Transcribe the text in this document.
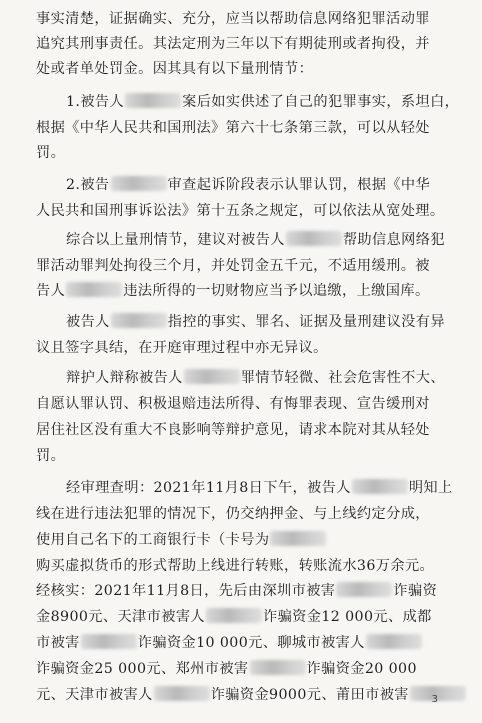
事实清楚，证据确实、充分，应当以帮助信息网络犯罪活动罪
追究其刑事责任。其法定刑为三年以下有期徒刑或者拘役，并
处或者单处罚金。因其具有以下量刑情节：
1.被告人	案后如实供述了自己的犯罪事实，系坦白，
根据《中华人民共和国刑法》第六十七条第三款，可以从轻处
罚。
2.被告	审查起诉阶段表示认罪认罚，根据《中华
人民共和国刑事诉讼法》第十五条之规定，可以依法从宽处理。
综合以上量刑情节，建议对被告人	帮助信息网络犯
罪活动罪判处拘役三个月，并处罚金五千元，不适用缓刑。被
告人	违法所得的一切财物应当予以追缴，上缴国库。
被告人	指控的事实、罪名、证据及量刑建议没有异
议且签字具结，在开庭审理过程中亦无异议。
辩护人辩称被告人	罪情节轻微、社会危害性不大、
自愿认罪认罚、积极退赔违法所得、有悔罪表现、宣告缓刑对
居住社区没有重大不良影响等辩护意见，请求本院对其从轻处
罚。
经审理查明：2021年11月8日下午，被告人	明知上
线在进行违法犯罪的情况下，仍交纳押金、与上线约定分成，
使用自己名下的工商银行卡（卡号为
购买虚拟货币的形式帮助上线进行转账，转账流水36万余元。
经核实：2021年11月8日，先后由深圳市被害	诈骗资
金8900元、天津市被害人	诈骗资金12 000元、成都
市被害	诈骗资金10 000元、聊城市被害人
诈骗资金25 000元、郑州市被害	诈骗资金20 000
元、天津市被害人	诈骗资金9000元、莆田市被害	3
